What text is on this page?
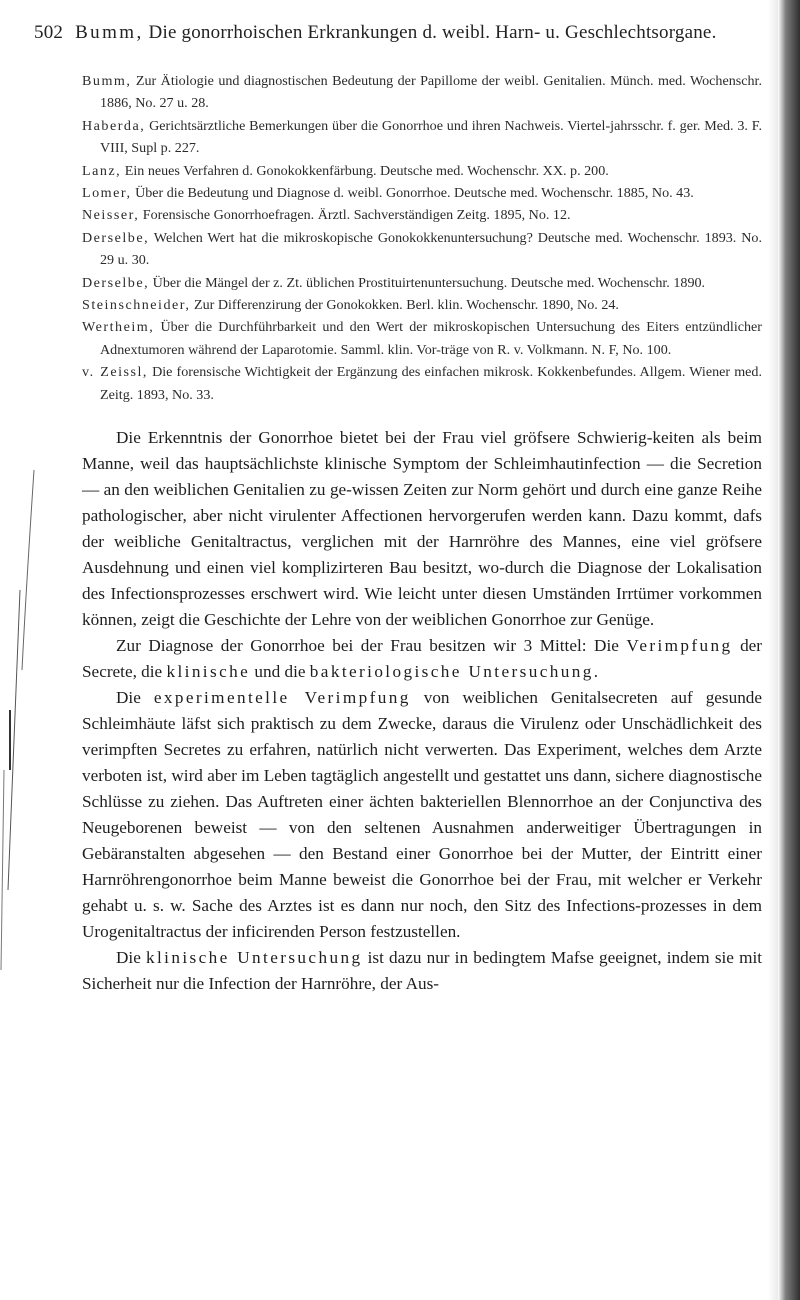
502 Bumm, Die gonorrhoischen Erkrankungen d. weibl. Harn- u. Geschlechtsorgane.

Bumm, Zur Ätiologie und diagnostischen Bedeutung der Papillome der weibl. Genitalien. Münch. med. Wochenschr. 1886, No. 27 u. 28.

Haberda, Gerichtsärztliche Bemerkungen über die Gonorrhoe und ihren Nachweis. Viertel-jahrsschr. f. ger. Med. 3. F. VIII, Supl p. 227.

Lanz, Ein neues Verfahren d. Gonokokkenfärbung. Deutsche med. Wochenschr. XX. p. 200.

Lomer, Über die Bedeutung und Diagnose d. weibl. Gonorrhoe. Deutsche med. Wochenschr. 1885, No. 43.

Neisser, Forensische Gonorrhoefragen. Ärztl. Sachverständigen Zeitg. 1895, No. 12.

Derselbe, Welchen Wert hat die mikroskopische Gonokokkenuntersuchung? Deutsche med. Wochenschr. 1893. No. 29 u. 30.

Derselbe, Über die Mängel der z. Zt. üblichen Prostituirtenuntersuchung. Deutsche med. Wochenschr. 1890.

Steinschneider, Zur Differenzirung der Gonokokken. Berl. klin. Wochenschr. 1890, No. 24.

Wertheim, Über die Durchführbarkeit und den Wert der mikroskopischen Untersuchung des Eiters entzündlicher Adnextumoren während der Laparotomie. Samml. klin. Vor-träge von R. v. Volkmann. N. F, No. 100.

v. Zeissl, Die forensische Wichtigkeit der Ergänzung des einfachen mikrosk. Kokkenbefundes. Allgem. Wiener med. Zeitg. 1893, No. 33.

Die Erkenntnis der Gonorrhoe bietet bei der Frau viel gröfsere Schwierig-keiten als beim Manne, weil das hauptsächlichste klinische Symptom der Schleimhautinfection — die Secretion — an den weiblichen Genitalien zu ge-wissen Zeiten zur Norm gehört und durch eine ganze Reihe pathologischer, aber nicht virulenter Affectionen hervorgerufen werden kann. Dazu kommt, dafs der weibliche Genitaltractus, verglichen mit der Harnröhre des Mannes, eine viel gröfsere Ausdehnung und einen viel komplizirteren Bau besitzt, wo-durch die Diagnose der Lokalisation des Infectionsprozesses erschwert wird. Wie leicht unter diesen Umständen Irrtümer vorkommen können, zeigt die Geschichte der Lehre von der weiblichen Gonorrhoe zur Genüge.

Zur Diagnose der Gonorrhoe bei der Frau besitzen wir 3 Mittel: Die Verimpfung der Secrete, die klinische und die bakteriologische Untersuchung.

Die experimentelle Verimpfung von weiblichen Genitalsecreten auf gesunde Schleimhäute läfst sich praktisch zu dem Zwecke, daraus die Virulenz oder Unschädlichkeit des verimpften Secretes zu erfahren, natürlich nicht verwerten. Das Experiment, welches dem Arzte verboten ist, wird aber im Leben tagtäglich angestellt und gestattet uns dann, sichere diagnostische Schlüsse zu ziehen. Das Auftreten einer ächten bakteriellen Blennorrhoe an der Conjunctiva des Neugeborenen beweist — von den seltenen Ausnahmen anderweitiger Übertragungen in Gebäranstalten abgesehen — den Bestand einer Gonorrhoe bei der Mutter, der Eintritt einer Harnröhrengonorrhoe beim Manne beweist die Gonorrhoe bei der Frau, mit welcher er Verkehr gehabt u. s. w. Sache des Arztes ist es dann nur noch, den Sitz des Infections-prozesses in dem Urogenitaltractus der inficirenden Person festzustellen.

Die klinische Untersuchung ist dazu nur in bedingtem Mafse geeignet, indem sie mit Sicherheit nur die Infection der Harnröhre, der Aus-
